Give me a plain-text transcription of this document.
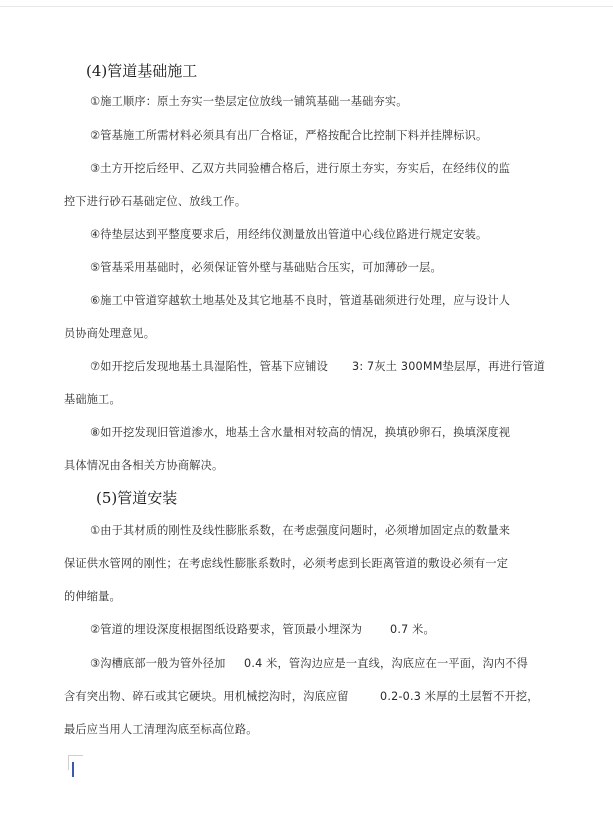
(4)管道基础施工
①施工顺序：原土夯实一垫层定位放线一铺筑基础一基础夯实。
②管基施工所需材料必须具有出厂合格证，严格按配合比控制下料并挂牌标识。
③土方开挖后经甲、乙双方共同验槽合格后，进行原土夯实，夯实后，在经纬仪的监
控下进行砂石基础定位、放线工作。
④待垫层达到平整度要求后，用经纬仪测量放出管道中心线位路进行规定安装。
⑤管基采用基础时，必须保证管外壁与基础贴合压实，可加薄砂一层。
⑥施工中管道穿越软土地基处及其它地基不良时，管道基础须进行处理，应与设计人
员协商处理意见。
⑦如开挖后发现地基土具湿陷性，管基下应铺设 3: 7灰土 300MM垫层厚，再进行管道
基础施工。
⑧如开挖发现旧管道渗水，地基土含水量相对较高的情况，换填砂卵石，换填深度视
具体情况由各相关方协商解决。
(5)管道安装
①由于其材质的刚性及线性膨胀系数，在考虑强度问题时，必须增加固定点的数量来
保证供水管网的刚性；在考虑线性膨胀系数时，必须考虑到长距离管道的敷设必须有一定
的伸缩量。
②管道的埋设深度根据图纸设路要求，管顶最小埋深为 0.7 米。
③沟槽底部一般为管外径加 0.4 米，管沟边应是一直线，沟底应在一平面，沟内不得
含有突出物、碎石或其它硬块。用机械挖沟时，沟底应留	0.2-0.3 米厚的土层暂不开挖，
最后应当用人工清理沟底至标高位路。
